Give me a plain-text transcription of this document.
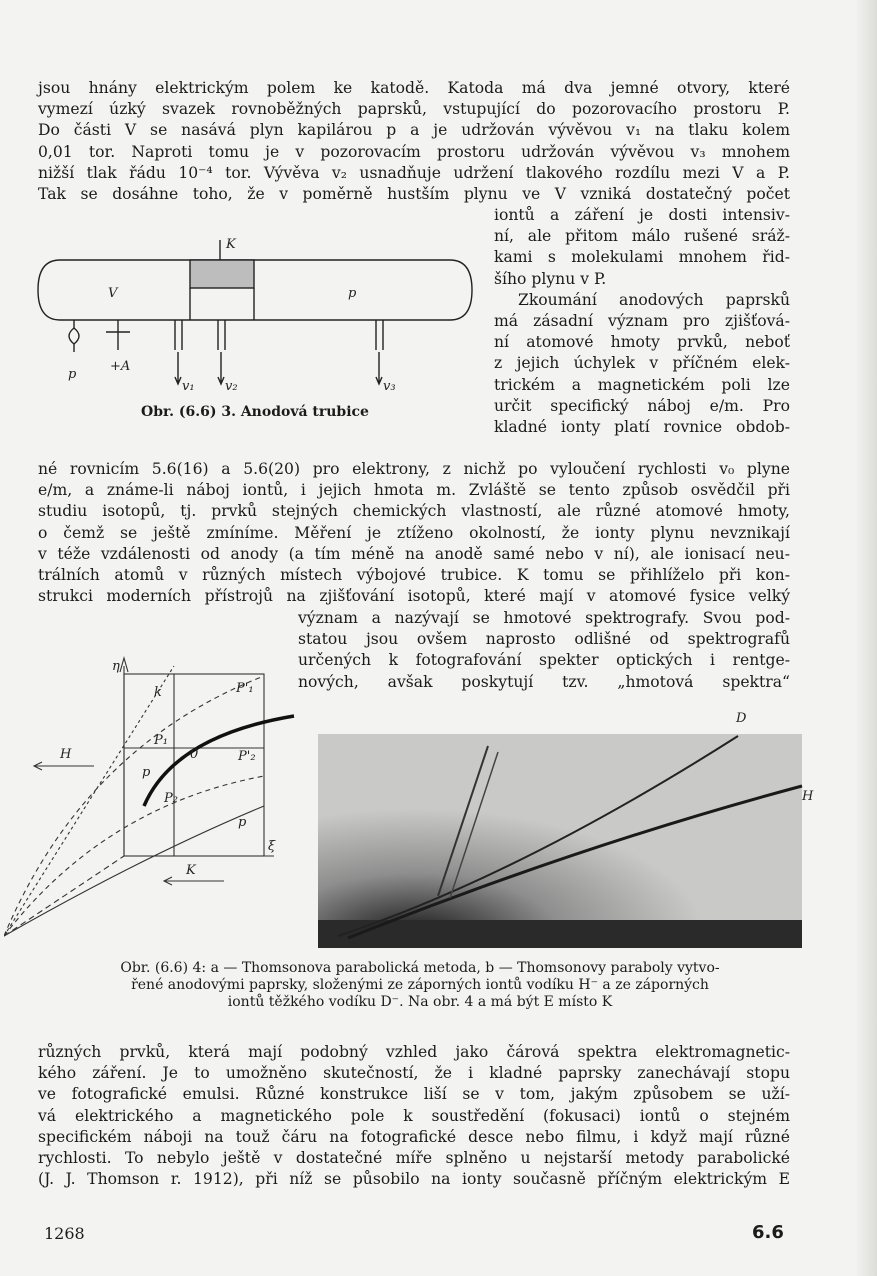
jsou hnány elektrickým polem ke katodě. Katoda má dva jemné otvory, které

vymezí úzký svazek rovnoběžných paprsků, vstupující do pozorovacího prostoru P.

Do části V se nasává plyn kapilárou p a je udržován vývěvou v₁ na tlaku kolem

0,01 tor. Naproti tomu je v pozorovacím prostoru udržován vývěvou v₃ mnohem

nižší tlak řádu 10⁻⁴ tor. Vývěva v₂ usnadňuje udržení tlakového rozdílu mezi V a P.

Tak se dosáhne toho, že v poměrně hustším plynu ve V vzniká dostatečný počet

iontů a záření je dosti intensiv-

ní, ale přitom málo rušené sráž-

kami s molekulami mnohem řid-

šího plynu v P.

Zkoumání anodových paprsků

má zásadní význam pro zjišťová-

ní atomové hmoty prvků, neboť

z jejich úchylek v příčném elek-

trickém a magnetickém poli lze

určit specifický náboj e/m. Pro

kladné ionty platí rovnice obdob-

V	p
K
p
+A
v₁ v₂	v₃
Obr. (6.6) 3. Anodová trubice

né rovnicím 5.6(16) a 5.6(20) pro elektrony, z nichž po vyloučení rychlosti v₀ plyne

e/m, a známe-li náboj iontů, i jejich hmota m. Zvláště se tento způsob osvědčil při

studiu isotopů, tj. prvků stejných chemických vlastností, ale různé atomové hmoty,

o čemž se ještě zmíníme. Měření je ztíženo okolností, že ionty plynu nevznikají

v téže vzdálenosti od anody (a tím méně na anodě samé nebo v ní), ale ionisací neu-

trálních atomů v různých místech výbojové trubice. K tomu se přihlíželo při kon-

strukci moderních přístrojů na zjišťování isotopů, které mají v atomové fysice velký

význam a nazývají se hmotové spektrografy. Svou pod-

statou jsou ovšem naprosto odlišné od spektrografů

určených k fotografování spekter optických i rentge-

nových, avšak poskytují tzv. „hmotová spektra“

η
ξ
H
K
k
p
P₁
P₂
P'₁
P'₂
0
p
D
H
Obr. (6.6) 4: a — Thomsonova parabolická metoda, b — Thomsonovy paraboly vytvo-
řené anodovými paprsky, složenými ze záporných iontů vodíku H⁻ a ze záporných
iontů těžkého vodíku D⁻. Na obr. 4 a má být E místo K

různých prvků, která mají podobný vzhled jako čárová spektra elektromagnetic-

kého záření. Je to umožněno skutečností, že i kladné paprsky zanechávají stopu

ve fotografické emulsi. Různé konstrukce liší se v tom, jakým způsobem se uží-

vá elektrického a magnetického pole k soustředění (fokusaci) iontů o stejném

specifickém náboji na touž čáru na fotografické desce nebo filmu, i když mají různé

rychlosti. To nebylo ještě v dostatečné míře splněno u nejstarší metody parabolické

(J. J. Thomson r. 1912), při níž se působilo na ionty současně příčným elektrickým E

1268	6.6
